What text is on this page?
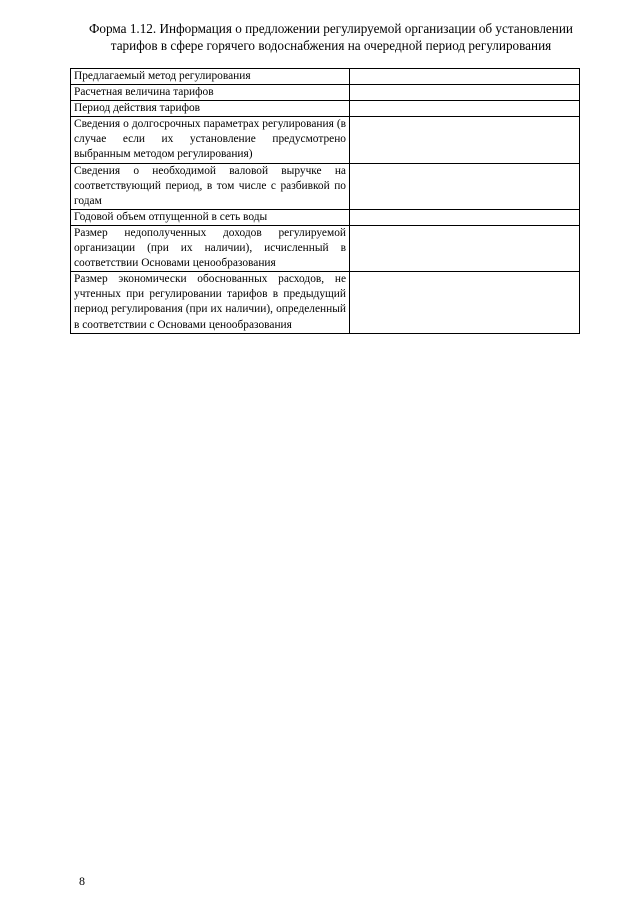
Форма 1.12. Информация о предложении регулируемой организации об установлении
тарифов в сфере горячего водоснабжения на очередной период регулирования
Предлагаемый метод регулирования	
Расчетная величина тарифов	
Период действия тарифов	
Сведения о долгосрочных параметрах регулирования (в случае если их установление предусмотрено выбранным методом регулирования)	
Сведения о необходимой валовой выручке на соответствующий период, в том числе с разбивкой по годам	
Годовой объем отпущенной в сеть воды	
Размер недополученных доходов регулируемой организации (при их наличии), исчисленный в соответствии Основами ценообразования	
Размер экономически обоснованных расходов, не учтенных при регулировании тарифов в предыдущий период регулирования (при их наличии), определенный в соответствии с Основами ценообразования	
8
